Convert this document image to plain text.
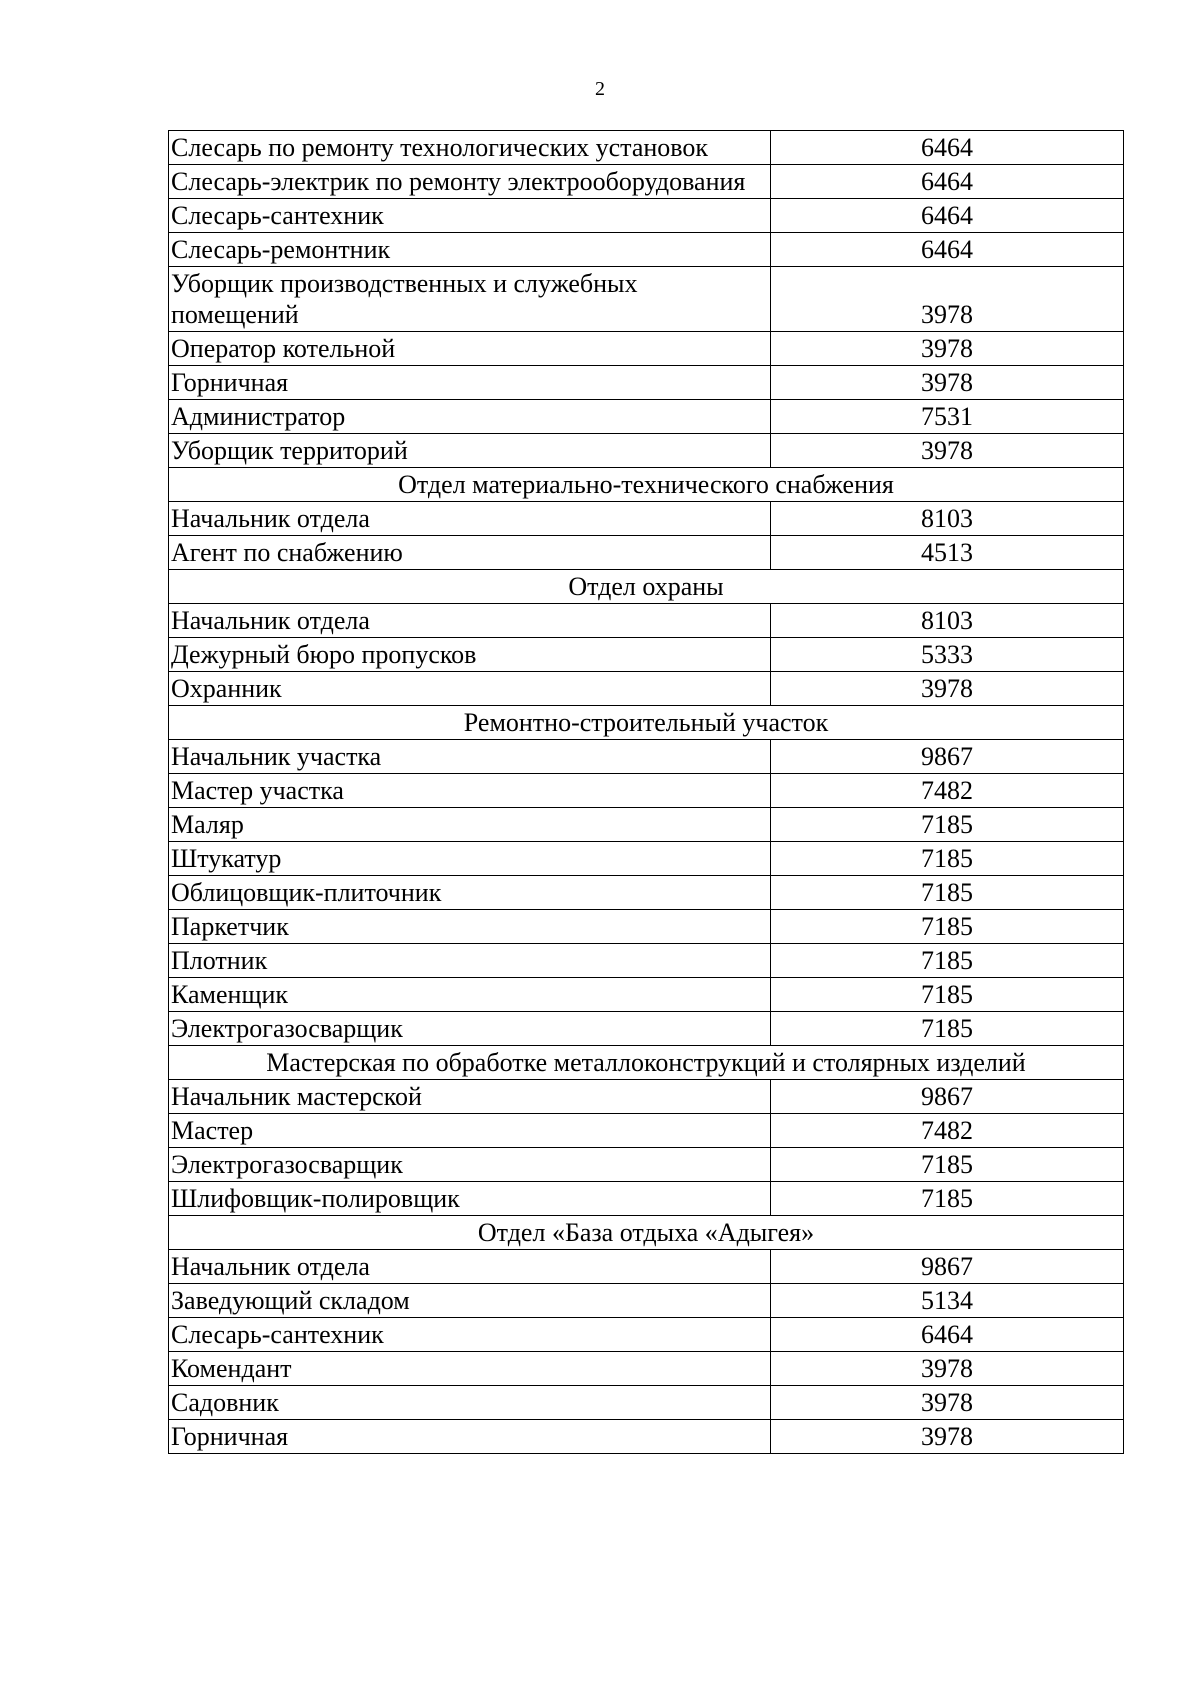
2
Слесарь по ремонту технологических установок	6464
Слесарь-электрик по ремонту электрооборудования	6464
Слесарь-сантехник	6464
Слесарь-ремонтник	6464
Уборщик производственных и служебных помещений	3978
Оператор котельной	3978
Горничная	3978
Администратор	7531
Уборщик территорий	3978
Отдел материально-технического снабжения	
Начальник отдела	8103
Агент по снабжению	4513
Отдел охраны	
Начальник отдела	8103
Дежурный бюро пропусков	5333
Охранник	3978
Ремонтно-строительный участок	
Начальник участка	9867
Мастер участка	7482
Маляр	7185
Штукатур	7185
Облицовщик-плиточник	7185
Паркетчик	7185
Плотник	7185
Каменщик	7185
Электрогазосварщик	7185
Мастерская по обработке металлоконструкций и столярных изделий	
Начальник мастерской	9867
Мастер	7482
Электрогазосварщик	7185
Шлифовщик-полировщик	7185
Отдел «База отдыха «Адыгея»	
Начальник отдела	9867
Заведующий складом	5134
Слесарь-сантехник	6464
Комендант	3978
Садовник	3978
Горничная	3978
